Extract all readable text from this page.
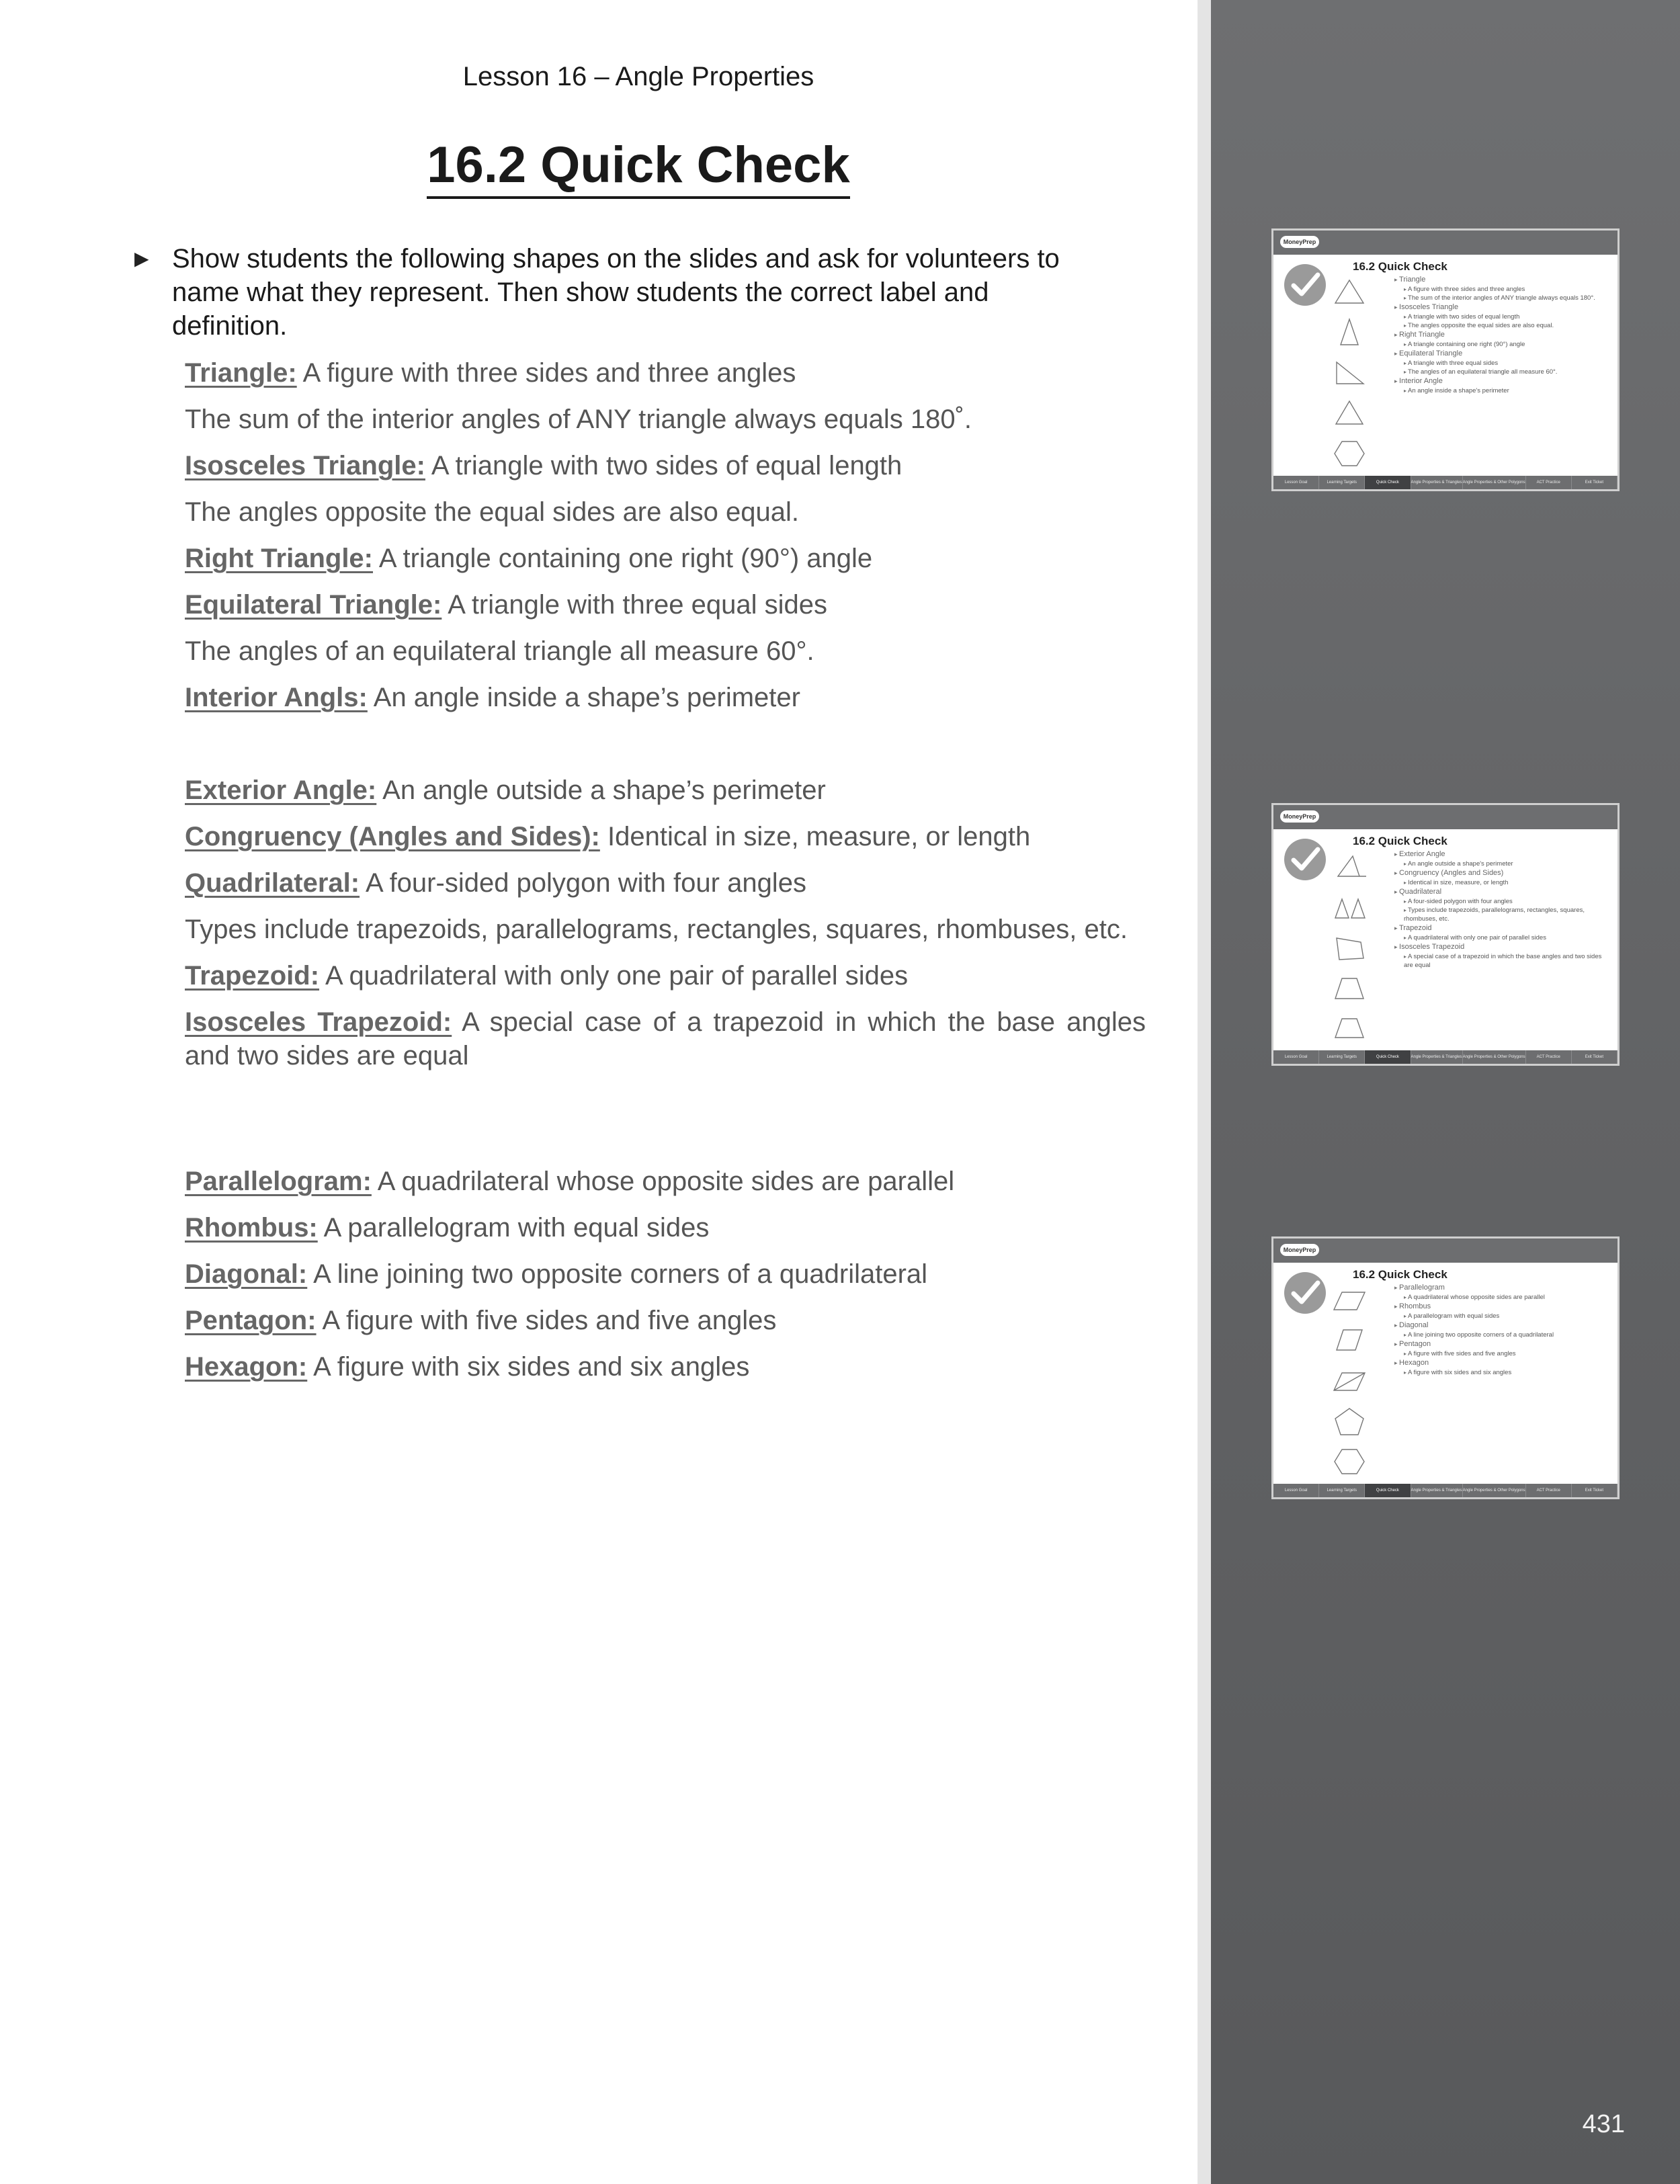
Lesson 16 – Angle Properties
16.2 Quick Check
▶ Show students the following shapes on the slides and ask for volunteers to name what they represent. Then show students the correct label and definition.
Triangle: A figure with three sides and three angles
The sum of the interior angles of ANY triangle always equals 180˚.
Isosceles Triangle: A triangle with two sides of equal length
The angles opposite the equal sides are also equal.
Right Triangle: A triangle containing one right (90°) angle
Equilateral Triangle: A triangle with three equal sides
The angles of an equilateral triangle all measure 60°.
Interior Angls: An angle inside a shape’s perimeter
Exterior Angle: An angle outside a shape’s perimeter
Congruency (Angles and Sides): Identical in size, measure, or length
Quadrilateral: A four-sided polygon with four angles
Types include trapezoids, parallelograms, rectangles, squares, rhombuses, etc.
Trapezoid: A quadrilateral with only one pair of parallel sides
Isosceles Trapezoid: A special case of a trapezoid in which the base angles and two sides are equal
Parallelogram: A quadrilateral whose opposite sides are parallel
Rhombus: A parallelogram with equal sides
Diagonal: A line joining two opposite corners of a quadrilateral
Pentagon: A figure with five sides and five angles
Hexagon: A figure with six sides and six angles
431
MoneyPrep
16.2 Quick Check
▸ Triangle
▸ A figure with three sides and three angles
▸ The sum of the interior angles of ANY triangle always equals 180°.
▸ Isosceles Triangle
▸ A triangle with two sides of equal length
▸ The angles opposite the equal sides are also equal.
▸ Right Triangle
▸ A triangle containing one right (90°) angle
▸ Equilateral Triangle
▸ A triangle with three equal sides
▸ The angles of an equilateral triangle all measure 60°.
▸ Interior Angle
▸ An angle inside a shape's perimeter
Lesson Goal	Learning Targets	Quick Check	Angle Properties & Triangles Angle Properties & Other Polygons	ACT Practice	Exit Ticket
MoneyPrep
16.2 Quick Check
▸ Exterior Angle
▸ An angle outside a shape's perimeter
▸ Congruency (Angles and Sides)
▸ Identical in size, measure, or length
▸ Quadrilateral
▸ A four-sided polygon with four angles
▸ Types include trapezoids, parallelograms, rectangles, squares, rhombuses, etc.
▸ Trapezoid
▸ A quadrilateral with only one pair of parallel sides
▸ Isosceles Trapezoid
▸ A special case of a trapezoid in which the base angles and two sides are equal
Lesson Goal	Learning Targets	Quick Check	Angle Properties & Triangles Angle Properties & Other Polygons	ACT Practice	Exit Ticket
MoneyPrep
16.2 Quick Check
▸ Parallelogram
▸ A quadrilateral whose opposite sides are parallel
▸ Rhombus
▸ A parallelogram with equal sides
▸ Diagonal
▸ A line joining two opposite corners of a quadrilateral
▸ Pentagon
▸ A figure with five sides and five angles
▸ Hexagon
▸ A figure with six sides and six angles
Lesson Goal	Learning Targets	Quick Check	Angle Properties & Triangles Angle Properties & Other Polygons	ACT Practice	Exit Ticket
